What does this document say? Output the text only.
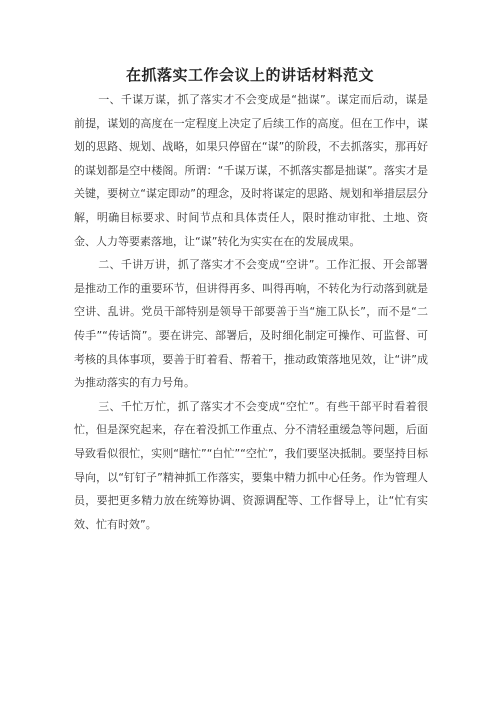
在抓落实工作会议上的讲话材料范文

一、千谋万谋，抓了落实才不会变成是“拙谋”。谋定而后动，谋是前提，谋划的高度在一定程度上决定了后续工作的高度。但在工作中，谋划的思路、规划、战略，如果只停留在“谋”的阶段，不去抓落实，那再好的谋划都是空中楼阁。所谓：“千谋万谋，不抓落实都是拙谋”。落实才是关键，要树立“谋定即动”的理念，及时将谋定的思路、规划和举措层层分解，明确目标要求、时间节点和具体责任人，限时推动审批、土地、资金、人力等要素落地，让“谋”转化为实实在在的发展成果。

二、千讲万讲，抓了落实才不会变成“空讲”。工作汇报、开会部署是推动工作的重要环节，但讲得再多、叫得再响，不转化为行动落到就是空讲、乱讲。党员干部特别是领导干部要善于当“施工队长”，而不是“二传手”“传话筒”。要在讲完、部署后，及时细化制定可操作、可监督、可考核的具体事项，要善于盯着看、帮着干，推动政策落地见效，让“讲”成为推动落实的有力号角。

三、千忙万忙，抓了落实才不会变成“空忙”。有些干部平时看着很忙，但是深究起来，存在着没抓工作重点、分不清轻重缓急等问题，后面导致看似很忙，实则“瞎忙”“白忙”“空忙”，我们要坚决抵制。要坚持目标导向，以“钉钉子”精神抓工作落实，要集中精力抓中心任务。作为管理人员，要把更多精力放在统筹协调、资源调配等、工作督导上，让“忙有实效、忙有时效”。
